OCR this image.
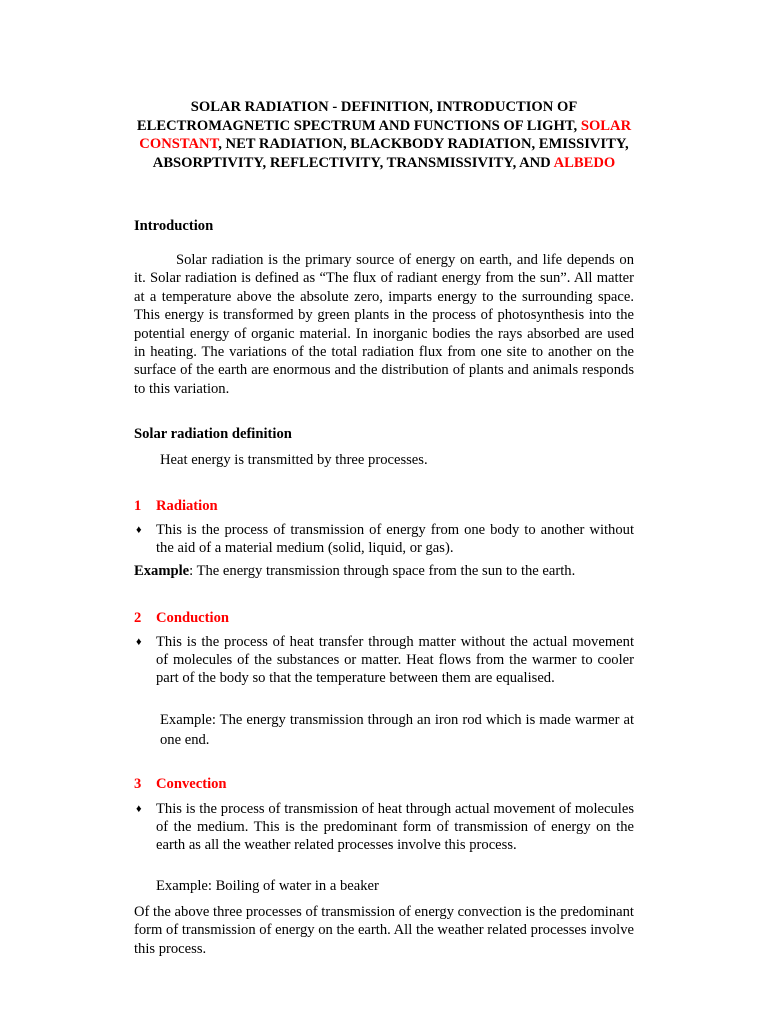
SOLAR RADIATION - DEFINITION, INTRODUCTION OF ELECTROMAGNETIC SPECTRUM AND FUNCTIONS OF LIGHT, SOLAR CONSTANT, NET RADIATION, BLACKBODY RADIATION, EMISSIVITY, ABSORPTIVITY, REFLECTIVITY, TRANSMISSIVITY, AND ALBEDO
Introduction
Solar radiation is the primary source of energy on earth, and life depends on it. Solar radiation is defined as “The flux of radiant energy from the sun”. All matter at a temperature above the absolute zero, imparts energy to the surrounding space. This energy is transformed by green plants in the process of photosynthesis into the potential energy of organic material. In inorganic bodies the rays absorbed are used in heating. The variations of the total radiation flux from one site to another on the surface of the earth are enormous and the distribution of plants and animals responds to this variation.
Solar radiation definition
Heat energy is transmitted by three processes.
1 Radiation
♦ This is the process of transmission of energy from one body to another without the aid of a material medium (solid, liquid, or gas).
Example: The energy transmission through space from the sun to the earth.
2 Conduction
♦ This is the process of heat transfer through matter without the actual movement of molecules of the substances or matter. Heat flows from the warmer to cooler part of the body so that the temperature between them are equalised.
Example: The energy transmission through an iron rod which is made warmer at one end.
3 Convection
♦ This is the process of transmission of heat through actual movement of molecules of the medium. This is the predominant form of transmission of energy on the earth as all the weather related processes involve this process.
Example: Boiling of water in a beaker
Of the above three processes of transmission of energy convection is the predominant form of transmission of energy on the earth. All the weather related processes involve this process.
